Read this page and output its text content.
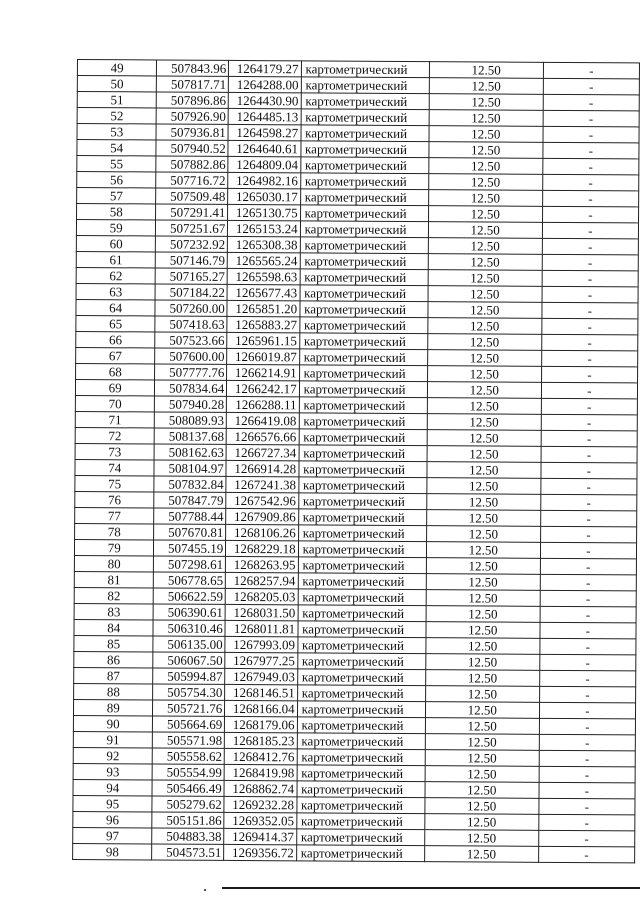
49	507843.96	1264179.27	картометрический	12.50	-
50	507817.71	1264288.00	картометрический	12.50	-
51	507896.86	1264430.90	картометрический	12.50	-
52	507926.90	1264485.13	картометрический	12.50	-
53	507936.81	1264598.27	картометрический	12.50	-
54	507940.52	1264640.61	картометрический	12.50	-
55	507882.86	1264809.04	картометрический	12.50	-
56	507716.72	1264982.16	картометрический	12.50	-
57	507509.48	1265030.17	картометрический	12.50	-
58	507291.41	1265130.75	картометрический	12.50	-
59	507251.67	1265153.24	картометрический	12.50	-
60	507232.92	1265308.38	картометрический	12.50	-
61	507146.79	1265565.24	картометрический	12.50	-
62	507165.27	1265598.63	картометрический	12.50	-
63	507184.22	1265677.43	картометрический	12.50	-
64	507260.00	1265851.20	картометрический	12.50	-
65	507418.63	1265883.27	картометрический	12.50	-
66	507523.66	1265961.15	картометрический	12.50	-
67	507600.00	1266019.87	картометрический	12.50	-
68	507777.76	1266214.91	картометрический	12.50	-
69	507834.64	1266242.17	картометрический	12.50	-
70	507940.28	1266288.11	картометрический	12.50	-
71	508089.93	1266419.08	картометрический	12.50	-
72	508137.68	1266576.66	картометрический	12.50	-
73	508162.63	1266727.34	картометрический	12.50	-
74	508104.97	1266914.28	картометрический	12.50	-
75	507832.84	1267241.38	картометрический	12.50	-
76	507847.79	1267542.96	картометрический	12.50	-
77	507788.44	1267909.86	картометрический	12.50	-
78	507670.81	1268106.26	картометрический	12.50	-
79	507455.19	1268229.18	картометрический	12.50	-
80	507298.61	1268263.95	картометрический	12.50	-
81	506778.65	1268257.94	картометрический	12.50	-
82	506622.59	1268205.03	картометрический	12.50	-
83	506390.61	1268031.50	картометрический	12.50	-
84	506310.46	1268011.81	картометрический	12.50	-
85	506135.00	1267993.09	картометрический	12.50	-
86	506067.50	1267977.25	картометрический	12.50	-
87	505994.87	1267949.03	картометрический	12.50	-
88	505754.30	1268146.51	картометрический	12.50	-
89	505721.76	1268166.04	картометрический	12.50	-
90	505664.69	1268179.06	картометрический	12.50	-
91	505571.98	1268185.23	картометрический	12.50	-
92	505558.62	1268412.76	картометрический	12.50	-
93	505554.99	1268419.98	картометрический	12.50	-
94	505466.49	1268862.74	картометрический	12.50	-
95	505279.62	1269232.28	картометрический	12.50	-
96	505151.86	1269352.05	картометрический	12.50	-
97	504883.38	1269414.37	картометрический	12.50	-
98	504573.51	1269356.72	картометрический	12.50	-
